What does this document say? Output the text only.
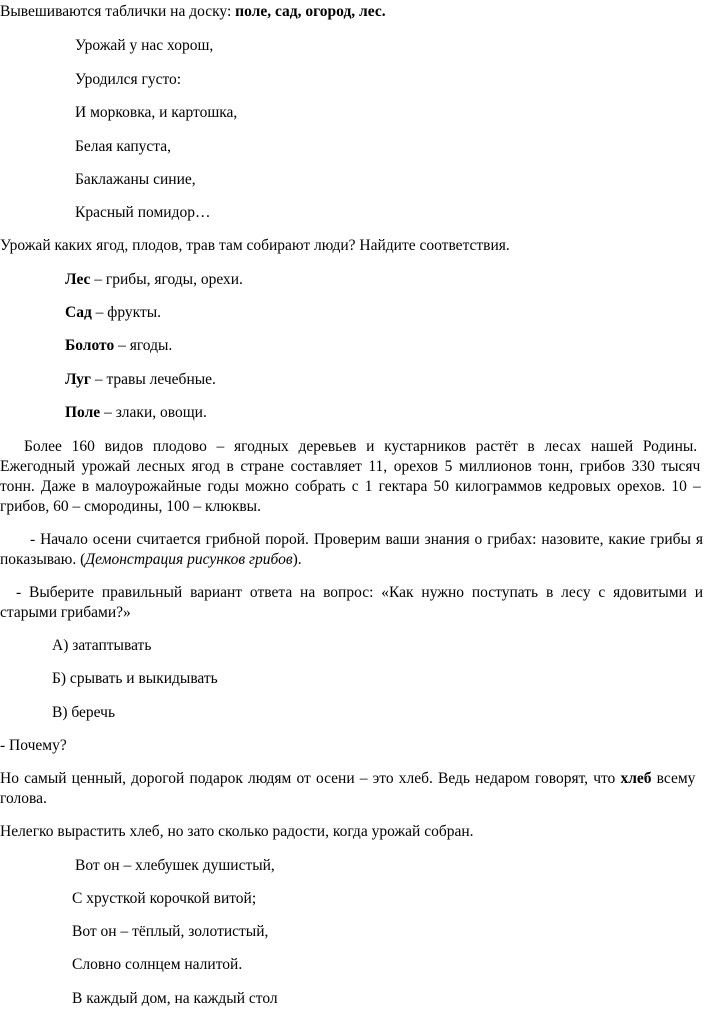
Вывешиваются таблички на доску: поле, сад, огород, лес.
Урожай у нас хорош,
Уродился густо:
И морковка, и картошка,
Белая капуста,
Баклажаны синие,
Красный помидор…
Урожай каких ягод, плодов, трав там собирают люди? Найдите соответствия.
Лес – грибы, ягоды, орехи.
Сад – фрукты.
Болото – ягоды.
Луг – травы лечебные.
Поле – злаки, овощи.
Более 160 видов плодово – ягодных деревьев и кустарников растёт в лесах нашей Родины.
Ежегодный урожай лесных ягод в стране составляет 11, орехов 5 миллионов тонн, грибов 330 тысяч
тонн. Даже в малоурожайные годы можно собрать с 1 гектара 50 килограммов кедровых орехов. 10 –
грибов, 60 – смородины, 100 – клюквы.
- Начало осени считается грибной порой. Проверим ваши знания о грибах: назовите, какие грибы я
показываю. (Демонстрация рисунков грибов).
- Выберите правильный вариант ответа на вопрос: «Как нужно поступать в лесу с ядовитыми и
старыми грибами?»
А) затаптывать
Б) срывать и выкидывать
В) беречь
- Почему?
Но самый ценный, дорогой подарок людям от осени – это хлеб. Ведь недаром говорят, что хлеб всему
голова.
Нелегко вырастить хлеб, но зато сколько радости, когда урожай собран.
Вот он – хлебушек душистый,
С хрусткой корочкой витой;
Вот он – тёплый, золотистый,
Словно солнцем налитой.
В каждый дом, на каждый стол
